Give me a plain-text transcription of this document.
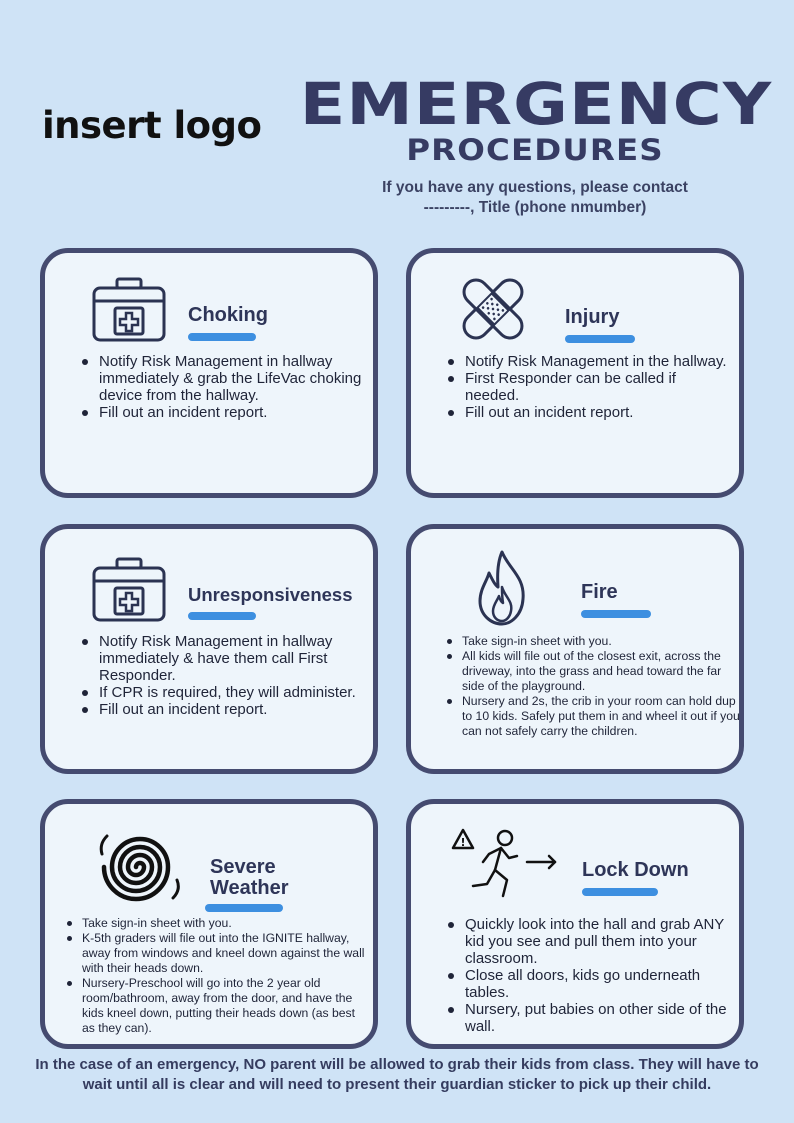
insert logo EMERGENCY
PROCEDURES
If you have any questions, please contact
---------, Title (phone nmumber)
Choking
Notify Risk Management in hallway immediately & grab the LifeVac choking device from the hallway.
Fill out an incident report.
Injury
Notify Risk Management in the hallway.
First Responder can be called if needed.
Fill out an incident report.
Unresponsiveness
Notify Risk Management in hallway immediately & have them call First Responder.
If CPR is required, they will administer.
Fill out an incident report.
Fire
Take sign-in sheet with you.
All kids will file out of the closest exit, across the driveway, into the grass and head toward the far side of the playground.
Nursery and 2s, the crib in your room can hold dup to 10 kids. Safely put them in and wheel it out if you can not safely carry the children.
Severe
Weather
Take sign-in sheet with you.
K-5th graders will file out into the IGNITE hallway, away from windows and kneel down against the wall with their heads down.
Nursery-Preschool will go into the 2 year old room/bathroom, away from the door, and have the kids kneel down, putting their heads down (as best as they can).
!
Lock Down
Quickly look into the hall and grab ANY kid you see and pull them into your classroom.
Close all doors, kids go underneath tables.
Nursery, put babies on other side of the wall.
In the case of an emergency, NO parent will be allowed to grab their kids from class. They will have to wait until all is clear and will need to present their guardian sticker to pick up their child.
